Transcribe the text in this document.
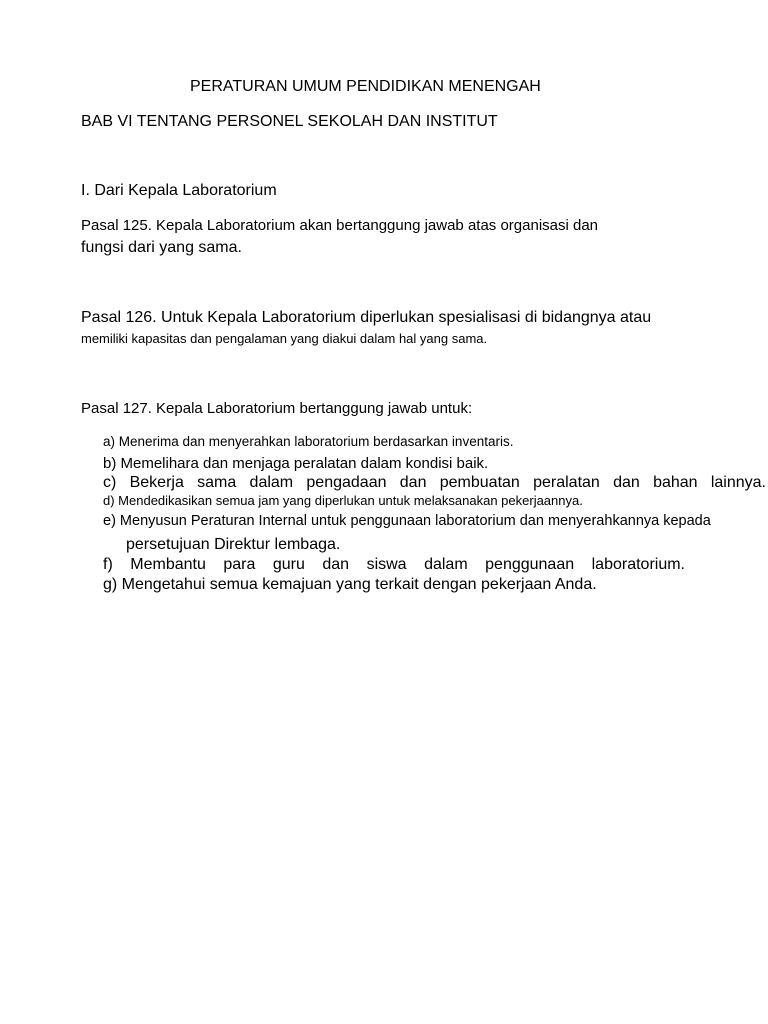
PERATURAN UMUM PENDIDIKAN MENENGAH

BAB VI TENTANG PERSONEL SEKOLAH DAN INSTITUT

I. Dari Kepala Laboratorium

Pasal 125. Kepala Laboratorium akan bertanggung jawab atas organisasi dan

fungsi dari yang sama.

Pasal 126. Untuk Kepala Laboratorium diperlukan spesialisasi di bidangnya atau

memiliki kapasitas dan pengalaman yang diakui dalam hal yang sama.

Pasal 127. Kepala Laboratorium bertanggung jawab untuk:

a) Menerima dan menyerahkan laboratorium berdasarkan inventaris.

b) Memelihara dan menjaga peralatan dalam kondisi baik.

c) Bekerja sama dalam pengadaan dan pembuatan peralatan dan bahan lainnya.

d) Mendedikasikan semua jam yang diperlukan untuk melaksanakan pekerjaannya.

e) Menyusun Peraturan Internal untuk penggunaan laboratorium dan menyerahkannya kepada

persetujuan Direktur lembaga.

f) Membantu para guru dan siswa dalam penggunaan laboratorium.

g) Mengetahui semua kemajuan yang terkait dengan pekerjaan Anda.
